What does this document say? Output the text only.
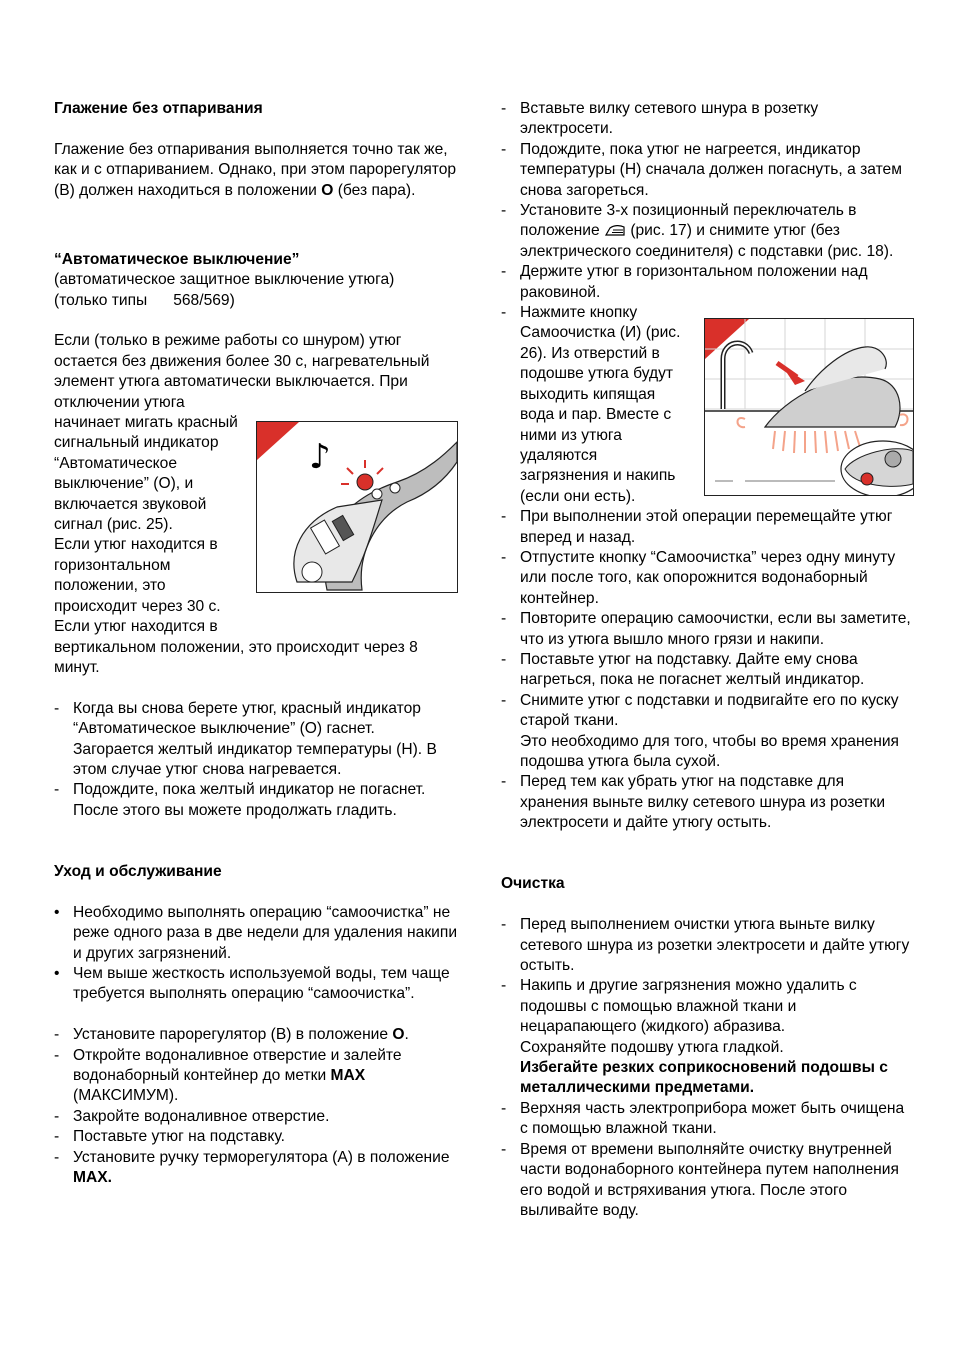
Глажение без отпаривания

Глажение без отпаривания выполняется точно так же, как и с отпариванием. Однако, при этом парорегулятор (В) должен находиться в положении O (без пара).

“Автоматическое выключение”

(автоматическое защитное выключение утюга)

(только типы      568/569)

Если (только в режиме работы со шнуром) утюг остается без движения более 30 с, нагревательный элемент утюга автоматически выключается. При отключении утюга начинает мигать красный сигнальный индикатор “Автоматическое выключение” (О), и включается звуковой сигнал (рис. 25).

Если утюг находится в горизонтальном положении, это происходит через 30 с.

Если утюг находится в вертикальном положении, это происходит через 8 минут.

- Когда вы снова берете утюг, красный индикатор “Автоматическое выключение” (О) гаснет.
Загорается желтый индикатор температуры (H). В этом случае утюг снова нагревается.
- Подождите, пока желтый индикатор не погаснет. После этого вы можете продолжать гладить.

Уход и обслуживание

• Необходимо выполнять операцию “самоочистка” не реже одного раза в две недели для удаления накипи и других загрязнений.
• Чем выше жесткость используемой воды, тем чаще требуется выполнять операцию “самоочистка”.
- Установите парорегулятор (В) в положение O.
- Откройте водоналивное отверстие и залейте водонаборный контейнер до метки MAX (МАКСИМУМ).
- Закройте водоналивное отверстие.
- Поставьте утюг на подставку.
- Установите ручку терморегулятора (А) в положение MAX.
♪
- Вставьте вилку сетевого шнура в розетку электросети.
- Подождите, пока утюг не нагреется, индикатор температуры (H) сначала должен погаснуть, а затем снова загореться.
- Установите 3-х позиционный переключатель в положение
(рис. 17) и снимите утюг (без электрического соединителя) с подставки (рис. 18).
- Держите утюг в горизонтальном положении над раковиной.
- Нажмите кнопку Самоочистка (И) (рис. 26). Из отверстий в подошве утюга будут выходить кипящая вода и пар. Вместе с ними из утюга удаляются загрязнения и накипь (если они есть).
- При выполнении этой операции перемещайте утюг вперед и назад.
- Отпустите кнопку “Самоочистка” через одну минуту или после того, как опорожнится водонаборный контейнер.
- Повторите операцию самоочистки, если вы заметите, что из утюга вышло много грязи и накипи.
- Поставьте утюг на подставку. Дайте ему снова нагреться, пока не погаснет желтый индикатор.
- Снимите утюг с подставки и подвигайте его по куску старой ткани.
Это необходимо для того, чтобы во время хранения подошва утюга была сухой.
- Перед тем как убрать утюг на подставке для хранения выньте вилку сетевого шнура из розетки электросети и дайте утюгу остыть.

Очистка

- Перед выполнением очистки утюга выньте вилку сетевого шнура из розетки электросети и дайте утюгу остыть.
- Накипь и другие загрязнения можно удалить с подошвы с помощью влажной ткани и нецарапающего (жидкого) абразива.
Сохраняйте подошву утюга гладкой.
Избегайте резких соприкосновений подошвы с металлическими предметами.
- Верхняя часть электроприбора может быть очищена с помощью влажной ткани.
- Время от времени выполняйте очистку внутренней части водонаборного контейнера путем наполнения его водой и встряхивания утюга. После этого выливайте воду.
